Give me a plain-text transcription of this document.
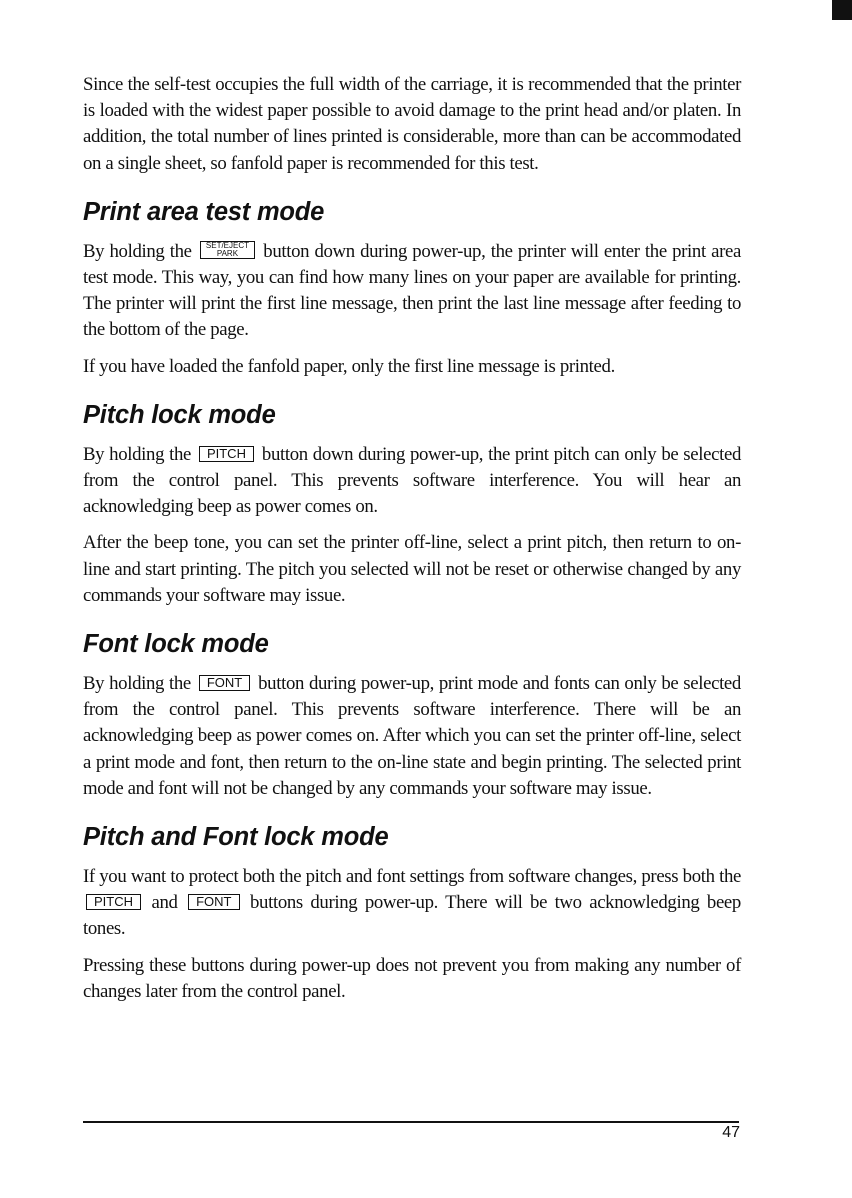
Since the self-test occupies the full width of the carriage, it is recommended that the printer is loaded with the widest paper possible to avoid damage to the print head and/or platen. In addition, the total number of lines printed is considerable, more than can be accommodated on a single sheet, so fanfold paper is recommended for this test.

Print area test mode

By holding the SET/EJECT
PARK	button down during power-up, the printer will enter the print area test mode. This way, you can find how many lines on your paper are available for printing. The printer will print the first line message, then print the last line message after feeding to the bottom of the page.

If you have loaded the fanfold paper, only the first line message is printed.

Pitch lock mode

By holding the PITCH button down during power-up, the print pitch can only be selected from the control panel. This prevents software interference. You will hear an acknowledging beep as power comes on.

After the beep tone, you can set the printer off-line, select a print pitch, then return to on-line and start printing. The pitch you selected will not be reset or otherwise changed by any commands your software may issue.

Font lock mode

By holding the FONT button during power-up, print mode and fonts can only be selected from the control panel. This prevents software interference. There will be an acknowledging beep as power comes on. After which you can set the printer off-line, select a print mode and font, then return to the on-line state and begin printing. The selected print mode and font will not be changed by any commands your software may issue.

Pitch and Font lock mode

If you want to protect both the pitch and font settings from software changes, press both the PITCH and FONT buttons during power-up. There will be two acknowledging beep tones.

Pressing these buttons during power-up does not prevent you from making any number of changes later from the control panel.

47
